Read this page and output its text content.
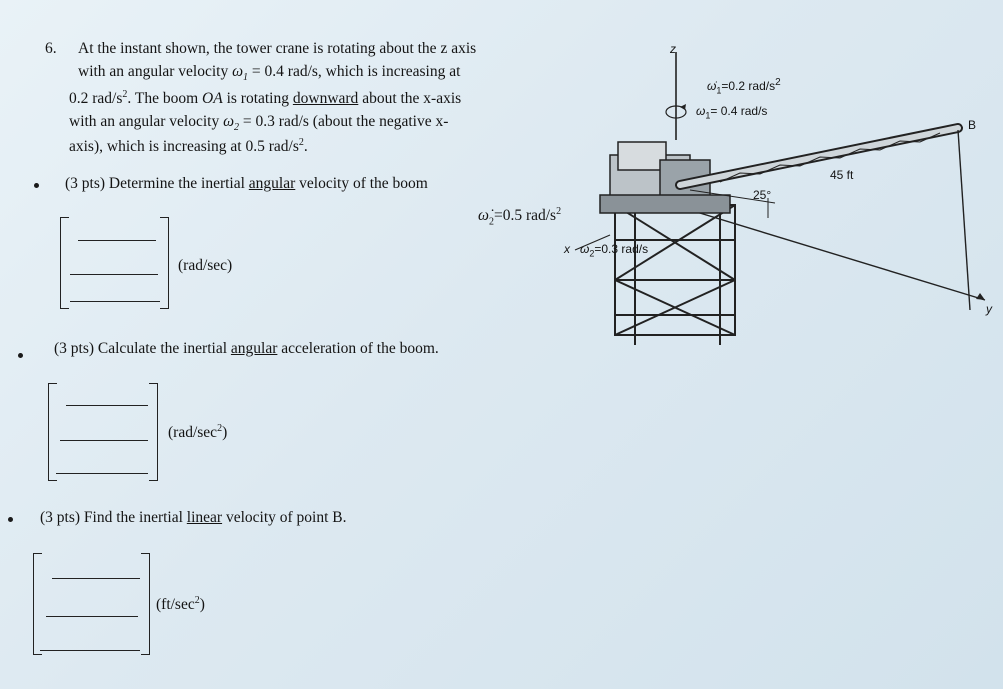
6. At the instant shown, the tower crane is rotating about the z axis
with an angular velocity $\omega_1 = 0.4$ rad/s, which is increasing at
0.2 rad/$s^2$. The boom OA is rotating downward about the x-axis
with an angular velocity $\omega_2 = 0.3$ rad/s (about the negative x-
axis), which is increasing at 0.5 rad/$s^2$.
(3 pts) Determine the inertial angular velocity of the boom
$\omegȧ_2=0.5$ rad/$s^2$
(rad/sec)
(3 pts) Calculate the inertial angular acceleration of the boom.
$(rad/\sec^2)$
(3 pts) Find the inertial linear velocity of point B.
$(ft/\sec^2)$
z
$\omegȧ_1=0.2$ rad/$s^2$
$\omega_1= 0.4$ rad/s
B
45 ft
25°
x $\omega_2=0.3$ rad/s
y
